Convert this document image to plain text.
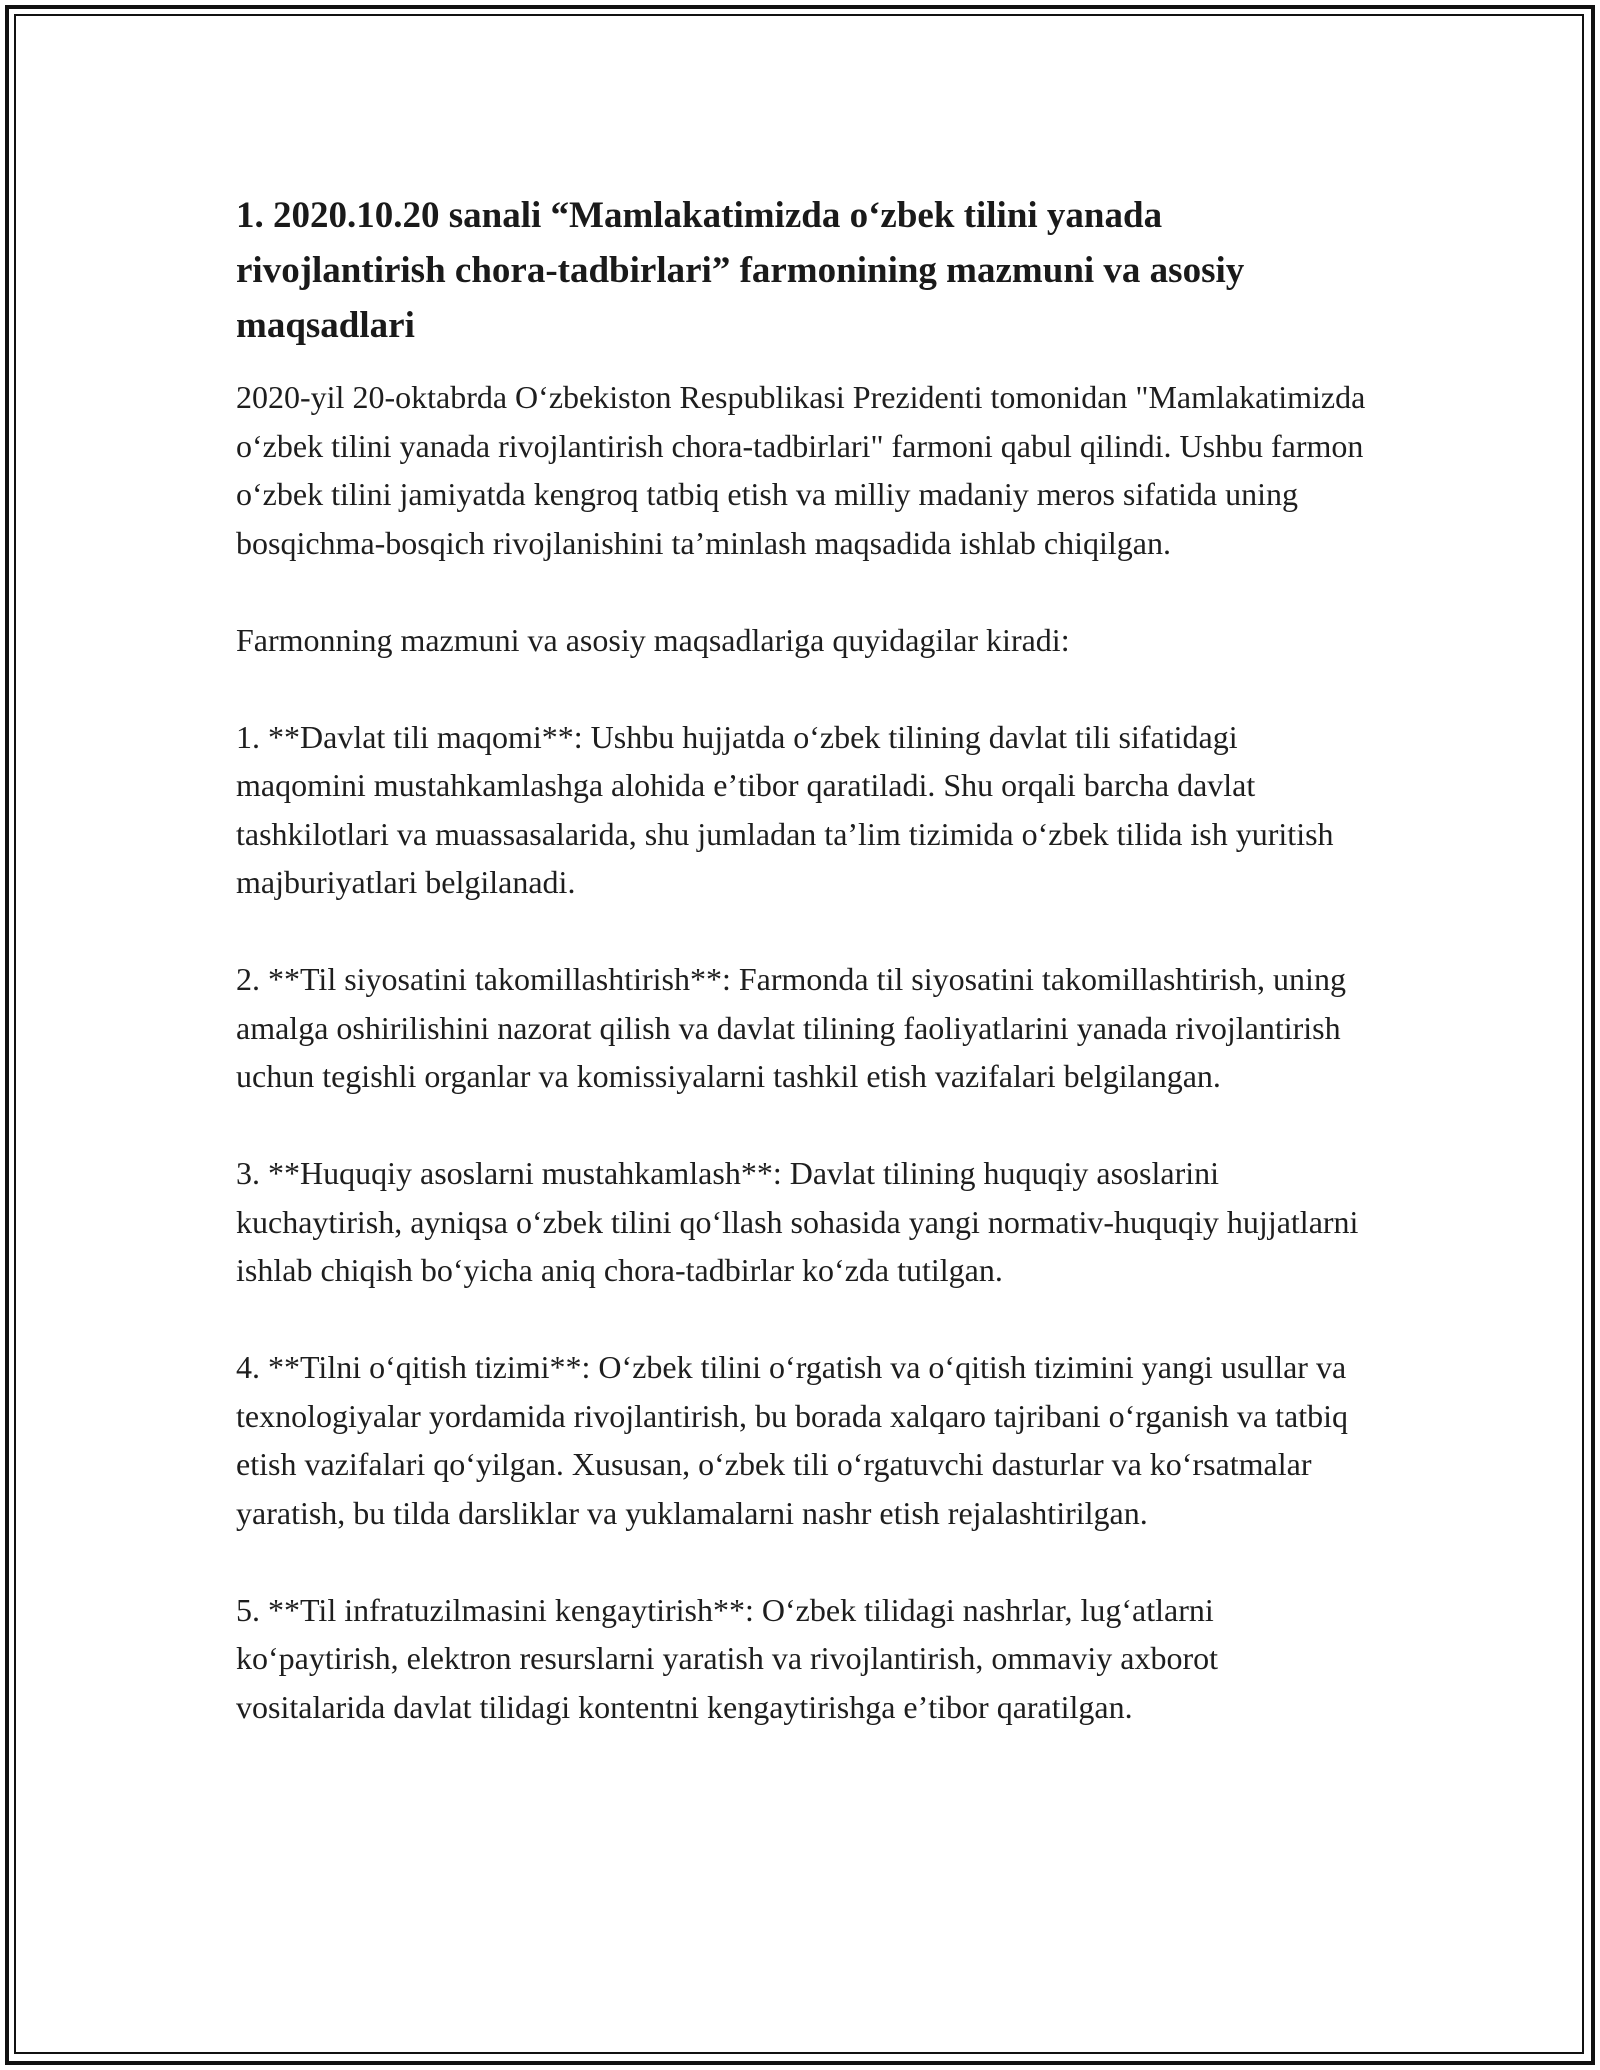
1. 2020.10.20 sanali “Mamlakatimizda oʻzbek tilini yanada rivojlantirish chora-tadbirlari” farmonining mazmuni va asosiy maqsadlari

2020-yil 20-oktabrda Oʻzbekiston Respublikasi Prezidenti tomonidan "Mamlakatimizda oʻzbek tilini yanada rivojlantirish chora-tadbirlari" farmoni qabul qilindi. Ushbu farmon oʻzbek tilini jamiyatda kengroq tatbiq etish va milliy madaniy meros sifatida uning bosqichma-bosqich rivojlanishini taʼminlash maqsadida ishlab chiqilgan.

Farmonning mazmuni va asosiy maqsadlariga quyidagilar kiradi:

1. **Davlat tili maqomi**: Ushbu hujjatda oʻzbek tilining davlat tili sifatidagi maqomini mustahkamlashga alohida eʼtibor qaratiladi. Shu orqali barcha davlat tashkilotlari va muassasalarida, shu jumladan taʼlim tizimida oʻzbek tilida ish yuritish majburiyatlari belgilanadi.

2. **Til siyosatini takomillashtirish**: Farmonda til siyosatini takomillashtirish, uning amalga oshirilishini nazorat qilish va davlat tilining faoliyatlarini yanada rivojlantirish uchun tegishli organlar va komissiyalarni tashkil etish vazifalari belgilangan.

3. **Huquqiy asoslarni mustahkamlash**: Davlat tilining huquqiy asoslarini kuchaytirish, ayniqsa oʻzbek tilini qoʻllash sohasida yangi normativ-huquqiy hujjatlarni ishlab chiqish boʻyicha aniq chora-tadbirlar koʻzda tutilgan.

4. **Tilni oʻqitish tizimi**: Oʻzbek tilini oʻrgatish va oʻqitish tizimini yangi usullar va texnologiyalar yordamida rivojlantirish, bu borada xalqaro tajribani oʻrganish va tatbiq etish vazifalari qoʻyilgan. Xususan, oʻzbek tili oʻrgatuvchi dasturlar va koʻrsatmalar yaratish, bu tilda darsliklar va yuklamalarni nashr etish rejalashtirilgan.

5. **Til infratuzilmasini kengaytirish**: Oʻzbek tilidagi nashrlar, lugʻatlarni koʻpaytirish, elektron resurslarni yaratish va rivojlantirish, ommaviy axborot vositalarida davlat tilidagi kontentni kengaytirishga eʼtibor qaratilgan.
